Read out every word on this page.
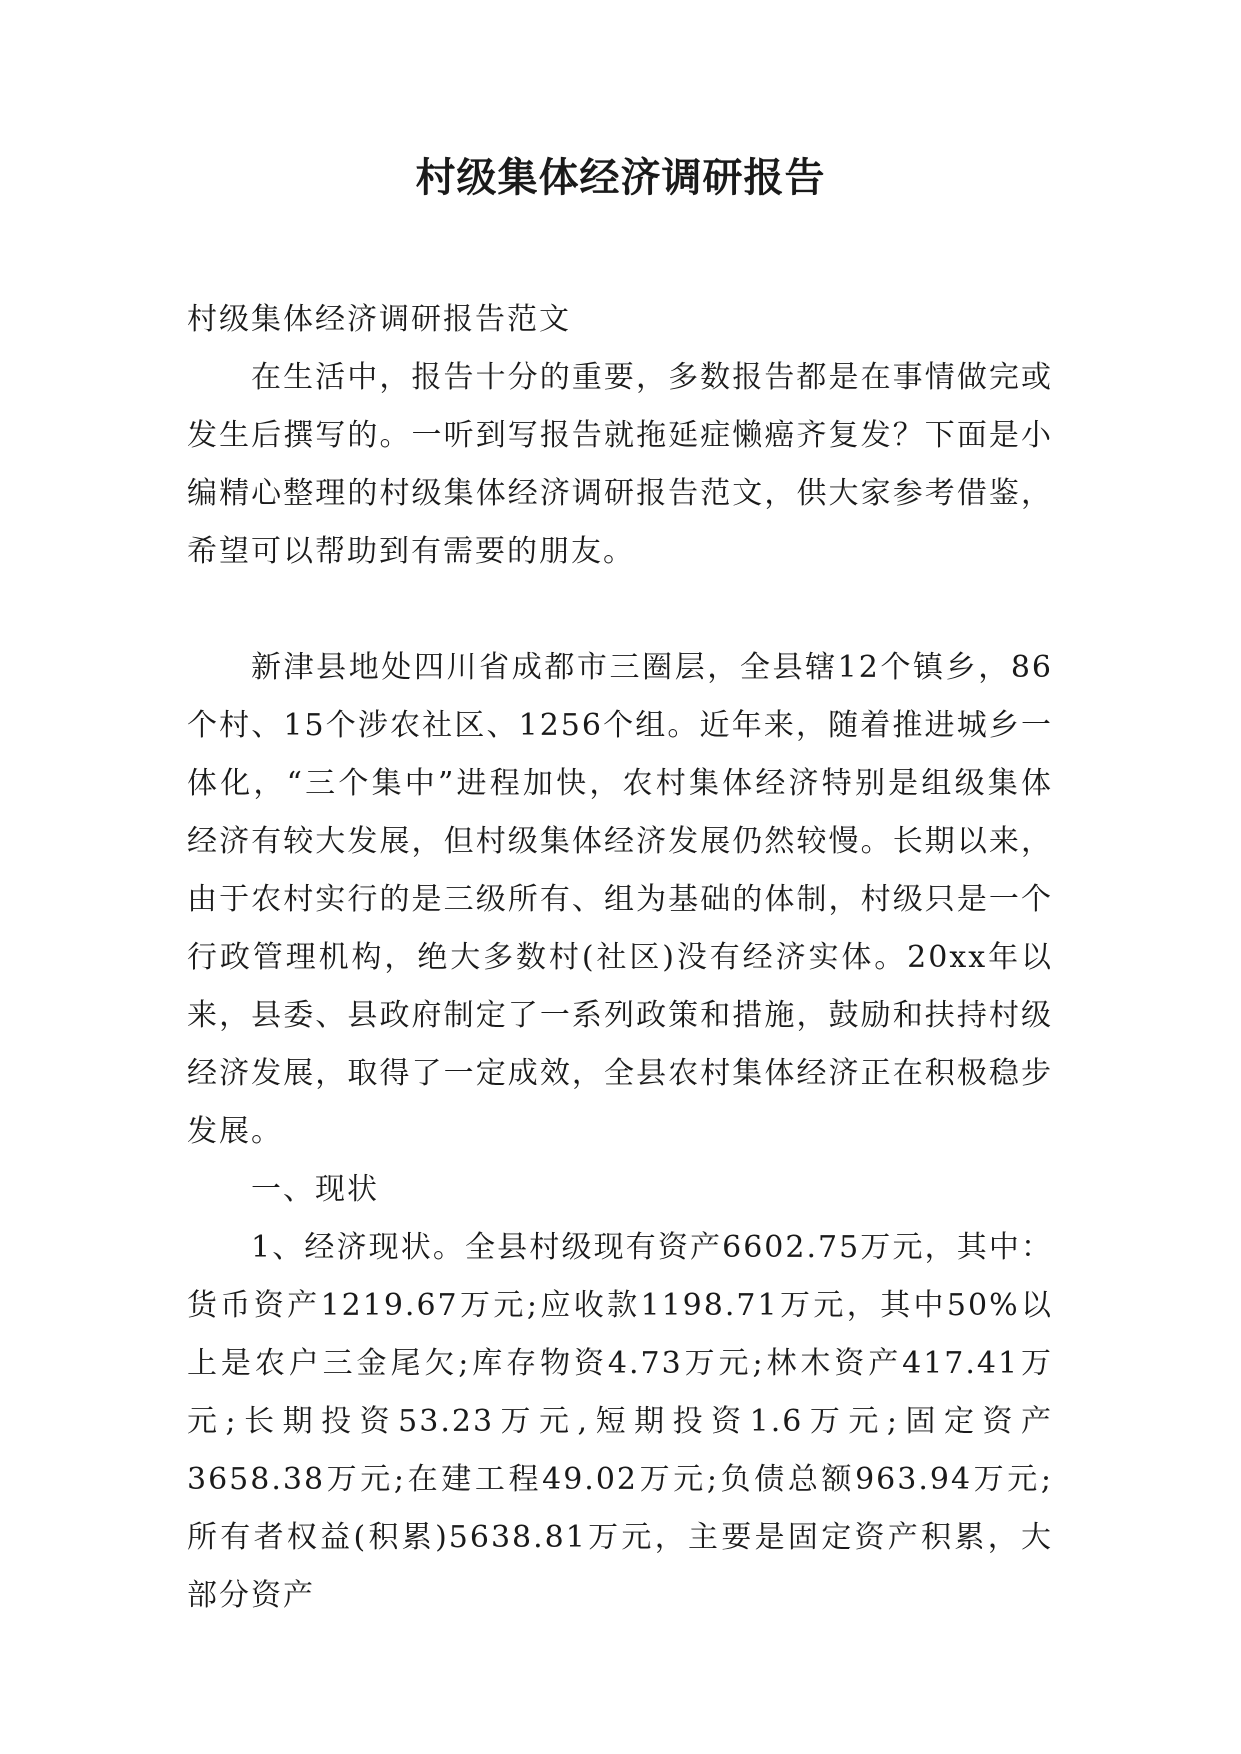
村级集体经济调研报告

村级集体经济调研报告范文

在生活中，报告十分的重要，多数报告都是在事情做完或发生后撰写的。一听到写报告就拖延症懒癌齐复发？下面是小编精心整理的村级集体经济调研报告范文，供大家参考借鉴，希望可以帮助到有需要的朋友。

新津县地处四川省成都市三圈层，全县辖12个镇乡，86个村、15个涉农社区、1256个组。近年来，随着推进城乡一体化，“三个集中”进程加快，农村集体经济特别是组级集体经济有较大发展，但村级集体经济发展仍然较慢。长期以来，由于农村实行的是三级所有、组为基础的体制，村级只是一个行政管理机构，绝大多数村(社区)没有经济实体。20xx年以来，县委、县政府制定了一系列政策和措施，鼓励和扶持村级经济发展，取得了一定成效，全县农村集体经济正在积极稳步发展。

一、现状

1、经济现状。全县村级现有资产6602.75万元，其中：货币资产1219.67万元;应收款1198.71万元，其中50%以上是农户三金尾欠;库存物资4.73万元;林木资产417.41万元;长期投资53.23万元,短期投资1.6万元;固定资产3658.38万元;在建工程49.02万元;负债总额963.94万元;所有者权益(积累)5638.81万元，主要是固定资产积累，大部分资产
